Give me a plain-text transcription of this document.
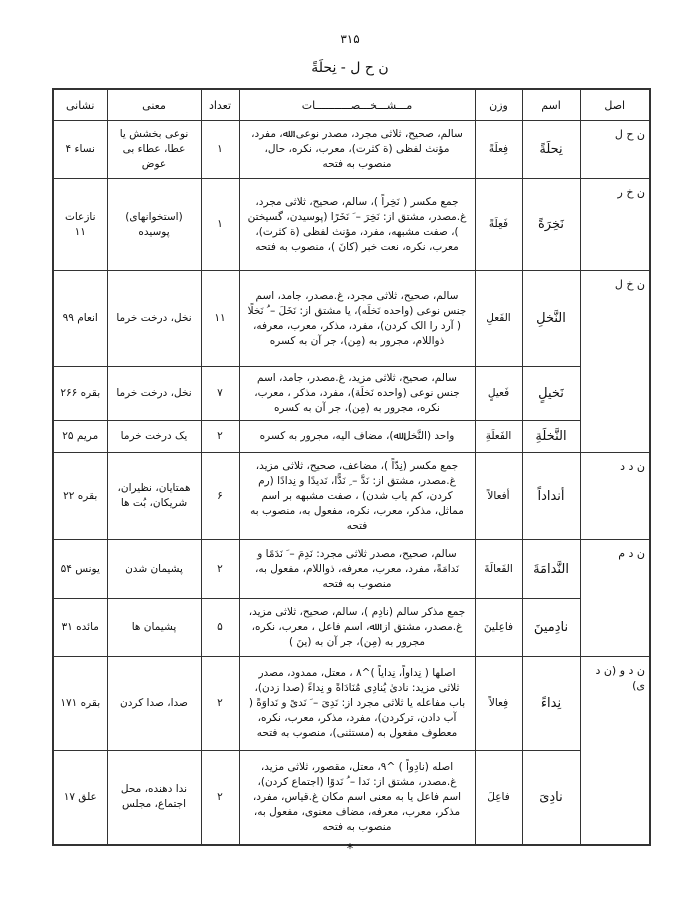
۳۱۵
ن ح ل - نِحلَةً
اصل	اسم	وزن	مـــشـــخـــصـــــــــــات	تعداد	معنی	نشانی
ن ح ل	نِحلَةً	فِعلَةً	سالم، صحیح، ثلاثی مجرد، مصدر نوعی: ﷲ، مفرد، مؤنث لفظی (ة کثرت)، معرب، نکره، حال، منصوب به فتحه	۱	نوعی بخشش یا عطا، عطاء بی عوض	نساء ۴
ن خ ر	نَخِرَةً	فَعِلَةً	جمع مکسر ( نَخِراً )، سالم، صحیح، ثلاثی مجرد، غ.مصدر، مشتق از: نَخِرَ – َ نَخَرًا (پوسیدن، گسیختن )، صفت مشبهه، مفرد، مؤنث لفظی (ة کثرت)، معرب، نکره، نعت خبر (کانَ )، منصوب به فتحه	۱	(استخوانهای) پوسیده	نازعات ۱۱
ن خ ل	النَّخلِ	الفَعلِ	سالم، صحیح، ثلاثی مجرد، غ.مصدر، جامد، اسم جنس نوعی (واحده نَخلَه)، یا مشتق از: نَخَلَ – ُ نَخلًا ( آرد را الک کردن)، مفرد، مذکر، معرب، معرفه، ذواللام، مجرور به (مِن)، جر آن به کسره	۱۱	نخل، درخت خرما	انعام ۹۹
	نَخیلٍ	فَعیلٍ	سالم، صحیح، ثلاثی مزید، غ.مصدر، جامد، اسم جنس نوعی (واحده نَخلَة)، مفرد، مذکر ، معرب، نکره، مجرور به (مِن)، جر آن به کسره	۷	نخل، درخت خرما	بقره ۲۶۶
	النَّخلَةِ	الفَعلَةِ	واحد (النَّخل ﷲ)، مضاف الیه، مجرور به کسره	۲	یک درخت خرما	مریم ۲۵
ن د د	أنداداً	أفعالاً	جمع مکسر (نِدّاً )، مضاعف، صحیح، ثلاثی مزید، غ.مصدر، مشتق از: نَدَّ – ِ نَدًّا، نَدیدًا و نِدادًا (رم کردن، کم یاب شدن) ، صفت مشبهه بر اسم مماثل، مذکر، معرب، نکره، مفعول به، منصوب به فتحه	۶	همتایان، نظیران، شریکان، بُت ها	بقره ۲۲
ن د م	النَّدامَةَ	الفَعالَةَ	سالم، صحیح، مصدر ثلاثی مجرد: نَدِمَ – َ نَدَمًا و نَدامَةً، مفرد، معرب، معرفه، ذواللام، مفعول به، منصوب به فتحه	۲	پشیمان شدن	یونس ۵۴
	نادِمینَ	فاعِلینَ	جمع مذکر سالم (نادِم )، سالم، صحیح، ثلاثی مزید، غ.مصدر، مشتق از: ﷲ، اسم فاعل ، معرب، نکره، مجرور به (مِن)، جر آن به (ینَ )	۵	پشیمان ها	مائده ۳۱
ن د و (ن د ی)	نِداءً	فِعالاً	اصلها ( نِداواً، نِداياً )^۸ ، معتل، ممدود، مصدر ثلاثی مزید: نادیٰ یُنادِی مُنَادَاةً و نِداءً (صدا زدن)، باب مفاعله یا ثلاثی مجرد از: نَدِیَ – َ نَدیً و نَداوَةً ( آب دادن، ترکردن)، مفرد، مذکر، معرب، نکره، معطوف مفعول به (مستثنی)، منصوب به فتحه	۲	صدا، صدا کردن	بقره ۱۷۱
	نادِیَ	فاعِلَ	اصله (نادِواً ) ^۹، معتل، مقصور، ثلاثی مزید، غ.مصدر، مشتق از: نَدا – ُ نَدوًا (اجتماع کردن)، اسم فاعل یا به معنی اسم مکان غ.قیاس، مفرد، مذکر، معرب، معرفه، مضاف معنوی، مفعول به، منصوب به فتحه	۲	ندا دهنده، محل اجتماع، مجلس	علق ۱۷
*
